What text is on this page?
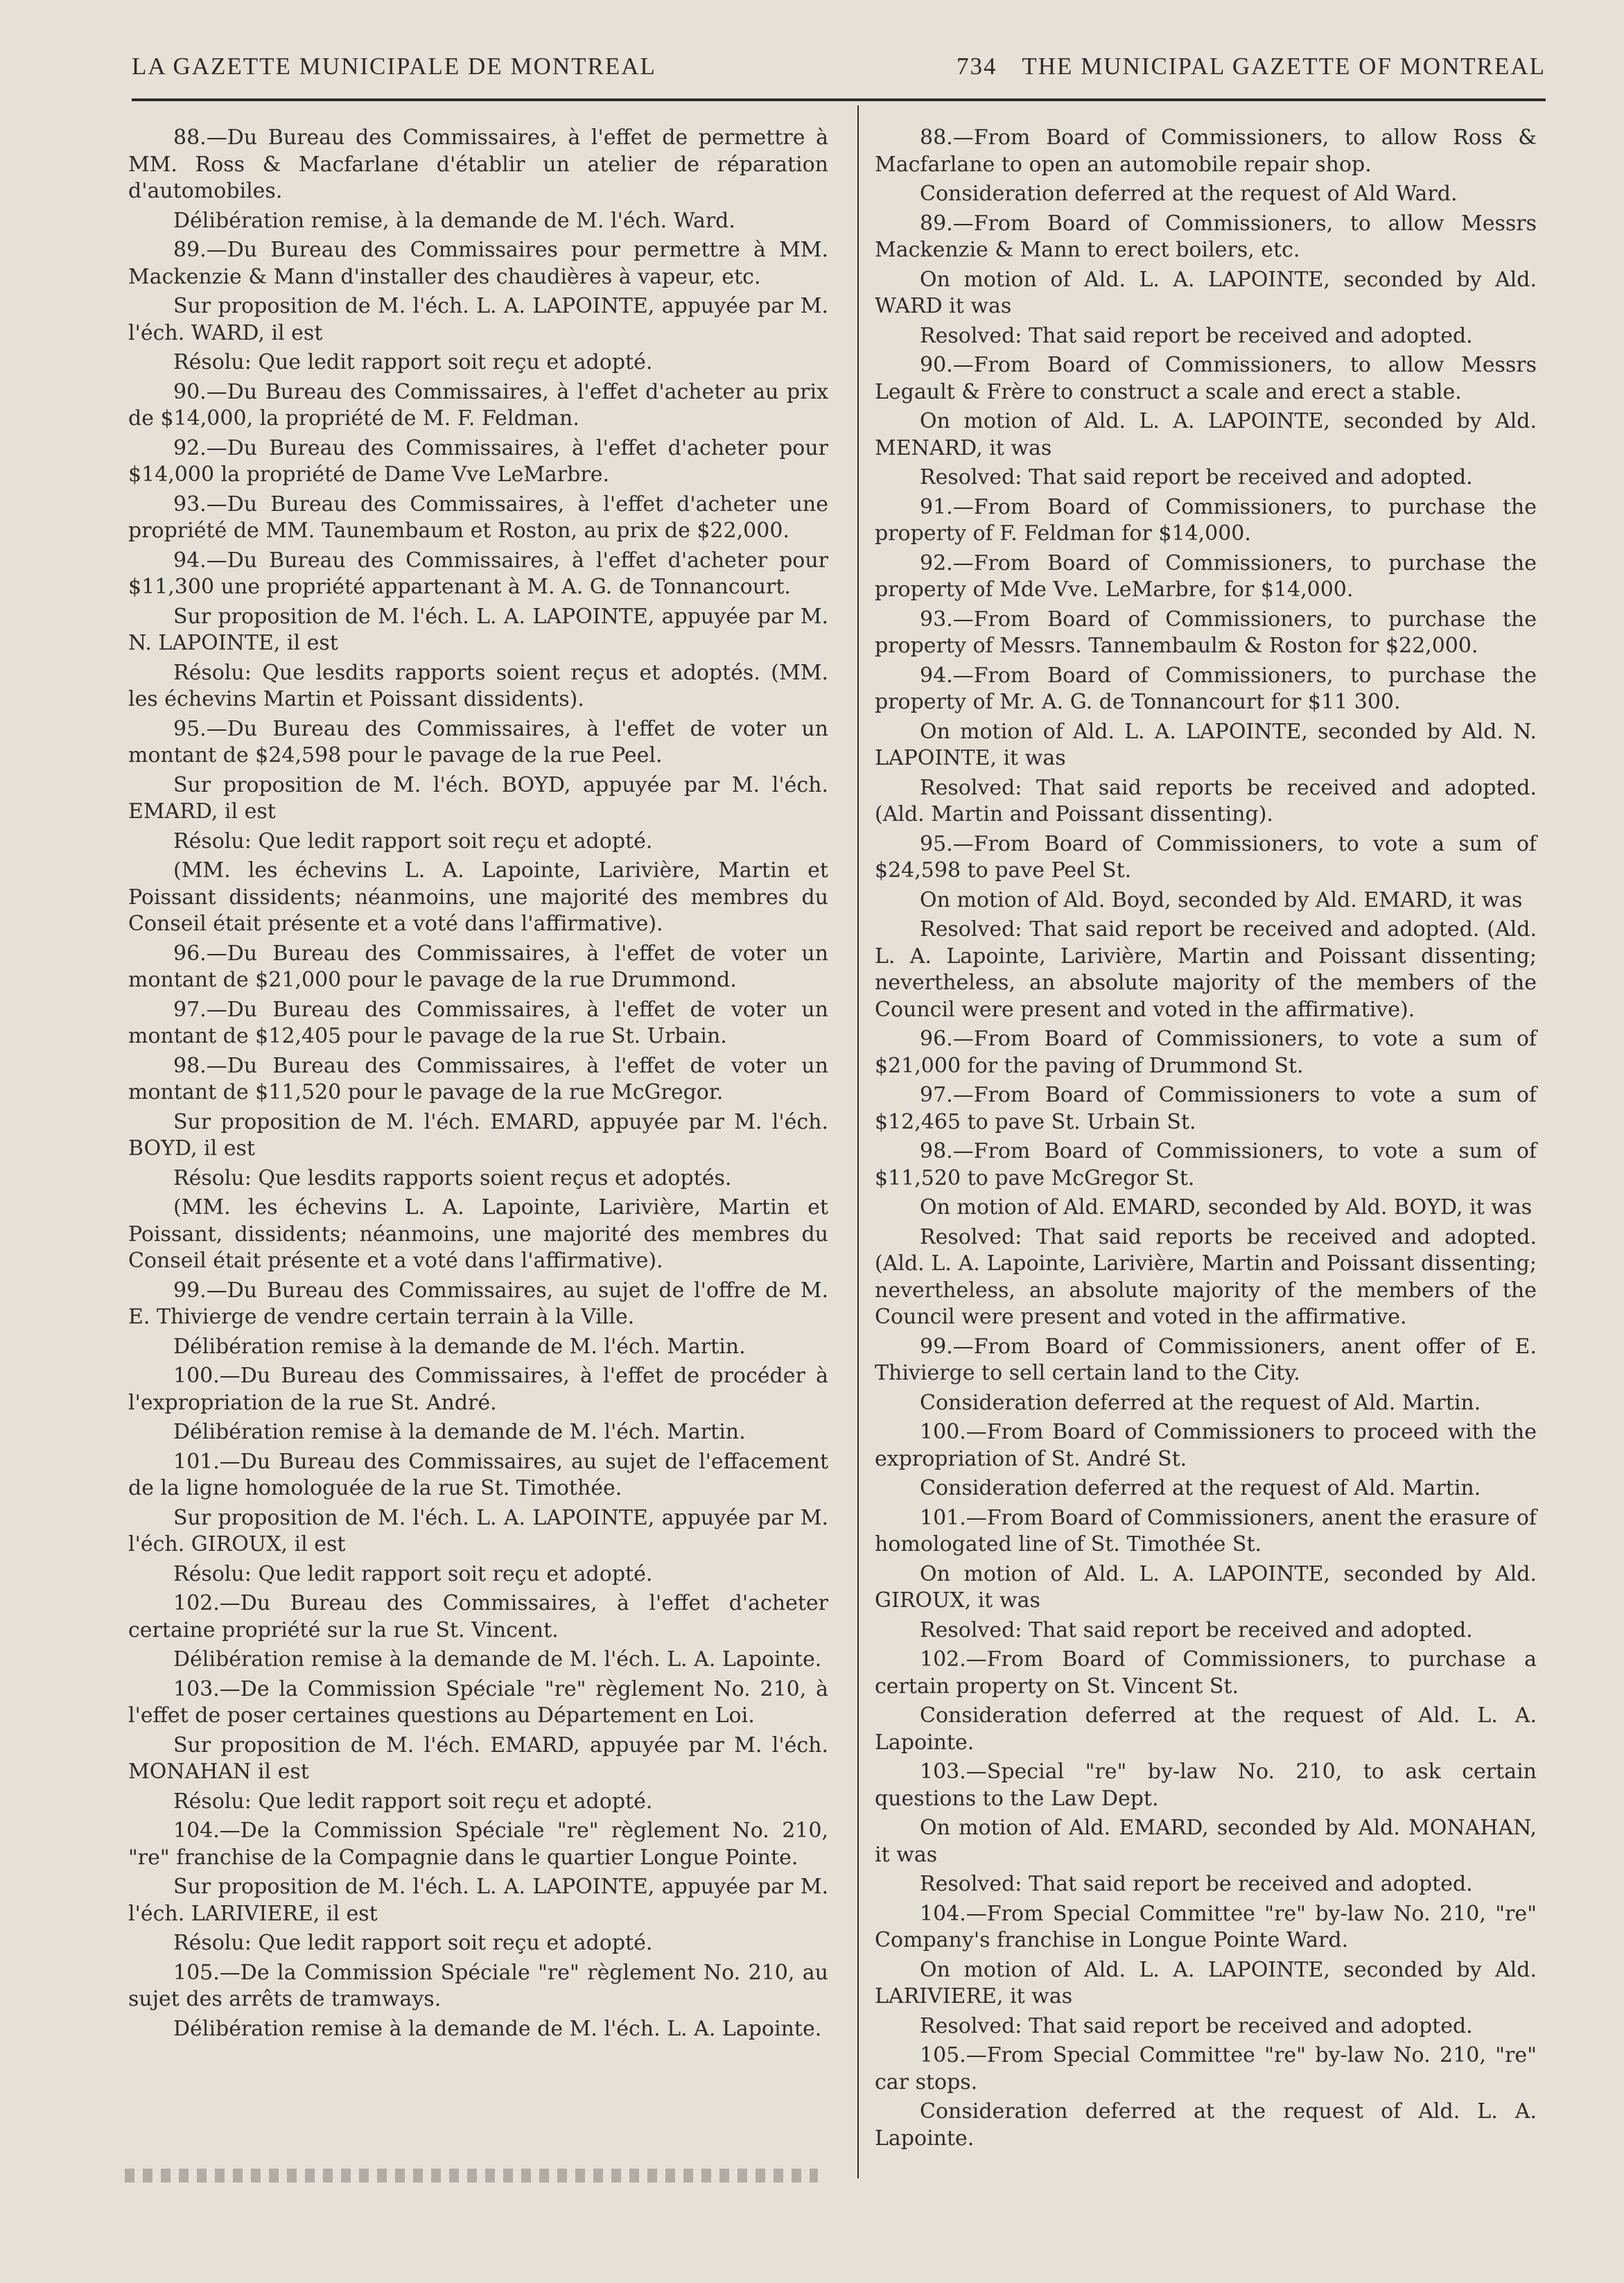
LA GAZETTE MUNICIPALE DE MONTREAL	734 THE MUNICIPAL GAZETTE OF MONTREAL

88.—Du Bureau des Commissaires, à l'effet de permettre à MM. Ross & Macfarlane d'établir un atelier de réparation d'automobiles.

Délibération remise, à la demande de M. l'éch. Ward.

89.—Du Bureau des Commissaires pour permettre à MM. Mackenzie & Mann d'installer des chaudières à vapeur, etc.

Sur proposition de M. l'éch. L. A. LAPOINTE, appuyée par M. l'éch. WARD, il est

Résolu: Que ledit rapport soit reçu et adopté.

90.—Du Bureau des Commissaires, à l'effet d'acheter au prix de $14,000, la propriété de M. F. Feldman.

92.—Du Bureau des Commissaires, à l'effet d'acheter pour $14,000 la propriété de Dame Vve LeMarbre.

93.—Du Bureau des Commissaires, à l'effet d'acheter une propriété de MM. Taunembaum et Roston, au prix de $22,000.

94.—Du Bureau des Commissaires, à l'effet d'acheter pour $11,300 une propriété appartenant à M. A. G. de Tonnancourt.

Sur proposition de M. l'éch. L. A. LAPOINTE, appuyée par M. N. LAPOINTE, il est

Résolu: Que lesdits rapports soient reçus et adoptés. (MM. les échevins Martin et Poissant dissidents).

95.—Du Bureau des Commissaires, à l'effet de voter un montant de $24,598 pour le pavage de la rue Peel.

Sur proposition de M. l'éch. BOYD, appuyée par M. l'éch. EMARD, il est

Résolu: Que ledit rapport soit reçu et adopté.

(MM. les échevins L. A. Lapointe, Larivière, Martin et Poissant dissidents; néanmoins, une majorité des membres du Conseil était présente et a voté dans l'affirmative).

96.—Du Bureau des Commissaires, à l'effet de voter un montant de $21,000 pour le pavage de la rue Drummond.

97.—Du Bureau des Commissaires, à l'effet de voter un montant de $12,405 pour le pavage de la rue St. Urbain.

98.—Du Bureau des Commissaires, à l'effet de voter un montant de $11,520 pour le pavage de la rue McGregor.

Sur proposition de M. l'éch. EMARD, appuyée par M. l'éch. BOYD, il est

Résolu: Que lesdits rapports soient reçus et adoptés.

(MM. les échevins L. A. Lapointe, Larivière, Martin et Poissant, dissidents; néanmoins, une majorité des membres du Conseil était présente et a voté dans l'affirmative).

99.—Du Bureau des Commissaires, au sujet de l'offre de M. E. Thivierge de vendre certain terrain à la Ville.

Délibération remise à la demande de M. l'éch. Martin.

100.—Du Bureau des Commissaires, à l'effet de procéder à l'expropriation de la rue St. André.

Délibération remise à la demande de M. l'éch. Martin.

101.—Du Bureau des Commissaires, au sujet de l'effacement de la ligne homologuée de la rue St. Timothée.

Sur proposition de M. l'éch. L. A. LAPOINTE, appuyée par M. l'éch. GIROUX, il est

Résolu: Que ledit rapport soit reçu et adopté.

102.—Du Bureau des Commissaires, à l'effet d'acheter certaine propriété sur la rue St. Vincent.

Délibération remise à la demande de M. l'éch. L. A. Lapointe.

103.—De la Commission Spéciale "re" règlement No. 210, à l'effet de poser certaines questions au Département en Loi.

Sur proposition de M. l'éch. EMARD, appuyée par M. l'éch. MONAHAN il est

Résolu: Que ledit rapport soit reçu et adopté.

104.—De la Commission Spéciale "re" règlement No. 210, "re" franchise de la Compagnie dans le quartier Longue Pointe.

Sur proposition de M. l'éch. L. A. LAPOINTE, appuyée par M. l'éch. LARIVIERE, il est

Résolu: Que ledit rapport soit reçu et adopté.

105.—De la Commission Spéciale "re" règlement No. 210, au sujet des arrêts de tramways.

Délibération remise à la demande de M. l'éch. L. A. Lapointe.

88.—From Board of Commissioners, to allow Ross & Macfarlane to open an automobile repair shop.

Consideration deferred at the request of Ald Ward.

89.—From Board of Commissioners, to allow Messrs Mackenzie & Mann to erect boilers, etc.

On motion of Ald. L. A. LAPOINTE, seconded by Ald. WARD it was

Resolved: That said report be received and adopted.

90.—From Board of Commissioners, to allow Messrs Legault & Frère to construct a scale and erect a stable.

On motion of Ald. L. A. LAPOINTE, seconded by Ald. MENARD, it was

Resolved: That said report be received and adopted.

91.—From Board of Commissioners, to purchase the property of F. Feldman for $14,000.

92.—From Board of Commissioners, to purchase the property of Mde Vve. LeMarbre, for $14,000.

93.—From Board of Commissioners, to purchase the property of Messrs. Tannembaulm & Roston for $22,000.

94.—From Board of Commissioners, to purchase the property of Mr. A. G. de Tonnancourt for $11 300.

On motion of Ald. L. A. LAPOINTE, seconded by Ald. N. LAPOINTE, it was

Resolved: That said reports be received and adopted. (Ald. Martin and Poissant dissenting).

95.—From Board of Commissioners, to vote a sum of $24,598 to pave Peel St.

On motion of Ald. Boyd, seconded by Ald. EMARD, it was

Resolved: That said report be received and adopted. (Ald. L. A. Lapointe, Larivière, Martin and Poissant dissenting; nevertheless, an absolute majority of the members of the Council were present and voted in the affirmative).

96.—From Board of Commissioners, to vote a sum of $21,000 for the paving of Drummond St.

97.—From Board of Commissioners to vote a sum of $12,465 to pave St. Urbain St.

98.—From Board of Commissioners, to vote a sum of $11,520 to pave McGregor St.

On motion of Ald. EMARD, seconded by Ald. BOYD, it was

Resolved: That said reports be received and adopted. (Ald. L. A. Lapointe, Larivière, Martin and Poissant dissenting; nevertheless, an absolute majority of the members of the Council were present and voted in the affirmative.

99.—From Board of Commissioners, anent offer of E. Thivierge to sell certain land to the City.

Consideration deferred at the request of Ald. Martin.

100.—From Board of Commissioners to proceed with the expropriation of St. André St.

Consideration deferred at the request of Ald. Martin.

101.—From Board of Commissioners, anent the erasure of homologated line of St. Timothée St.

On motion of Ald. L. A. LAPOINTE, seconded by Ald. GIROUX, it was

Resolved: That said report be received and adopted.

102.—From Board of Commissioners, to purchase a certain property on St. Vincent St.

Consideration deferred at the request of Ald. L. A. Lapointe.

103.—Special "re" by-law No. 210, to ask certain questions to the Law Dept.

On motion of Ald. EMARD, seconded by Ald. MONAHAN, it was

Resolved: That said report be received and adopted.

104.—From Special Committee "re" by-law No. 210, "re" Company's franchise in Longue Pointe Ward.

On motion of Ald. L. A. LAPOINTE, seconded by Ald. LARIVIERE, it was

Resolved: That said report be received and adopted.

105.—From Special Committee "re" by-law No. 210, "re" car stops.

Consideration deferred at the request of Ald. L. A. Lapointe.
